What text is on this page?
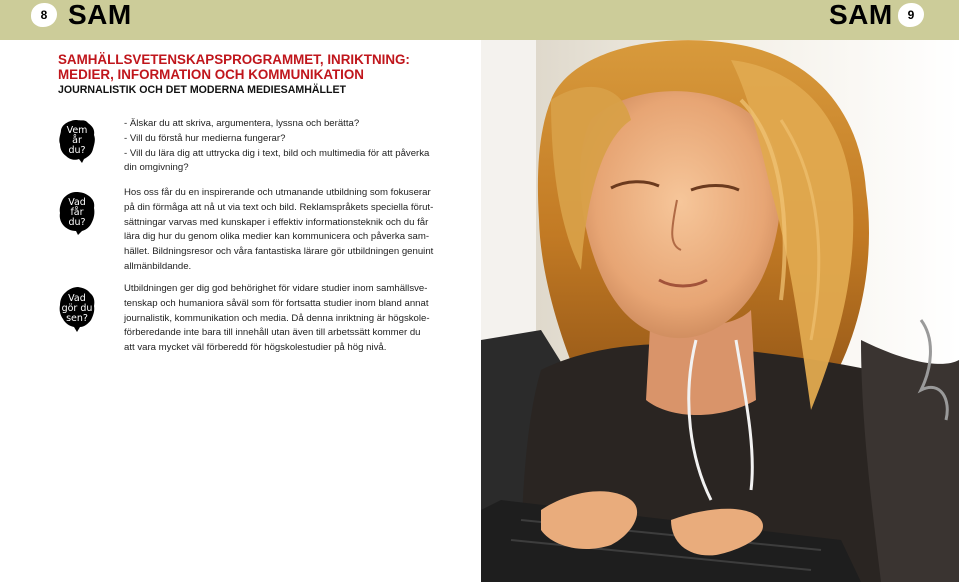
8 SAM	SAM	9
SAMHÄLLSVETENSKAPSPROGRAMMET, INRIKTNING: MEDIER, INFORMATION OCH KOMMUNIKATION
JOURNALISTIK OCH DET MODERNA MEDIESAMHÄLLET
Vem
år
du?
- Älskar du att skriva, argumentera, lyssna och berätta?
- Vill du förstå hur medierna fungerar?
- Vill du lära dig att uttrycka dig i text, bild och multimedia för att påverka
din omgivning?
Vad
får
du?
Hos oss får du en inspirerande och utmanande utbildning som fokuserar
på din förmåga att nå ut via text och bild. Reklamspråkets speciella förut-
sättningar varvas med kunskaper i effektiv informationsteknik och du får
lära dig hur du genom olika medier kan kommunicera och påverka sam-
hället. Bildningsresor och våra fantastiska lärare gör utbildningen genuint
allmänbildande.
Vad
gör du
sen?
Utbildningen ger dig god behörighet för vidare studier inom samhällsve-
tenskap och humaniora såväl som för fortsatta studier inom bland annat
journalistik, kommunikation och media. Då denna inriktning är högskole-
förberedande inte bara till innehåll utan även till arbetssätt kommer du
att vara mycket väl förberedd för högskolestudier på hög nivå.
